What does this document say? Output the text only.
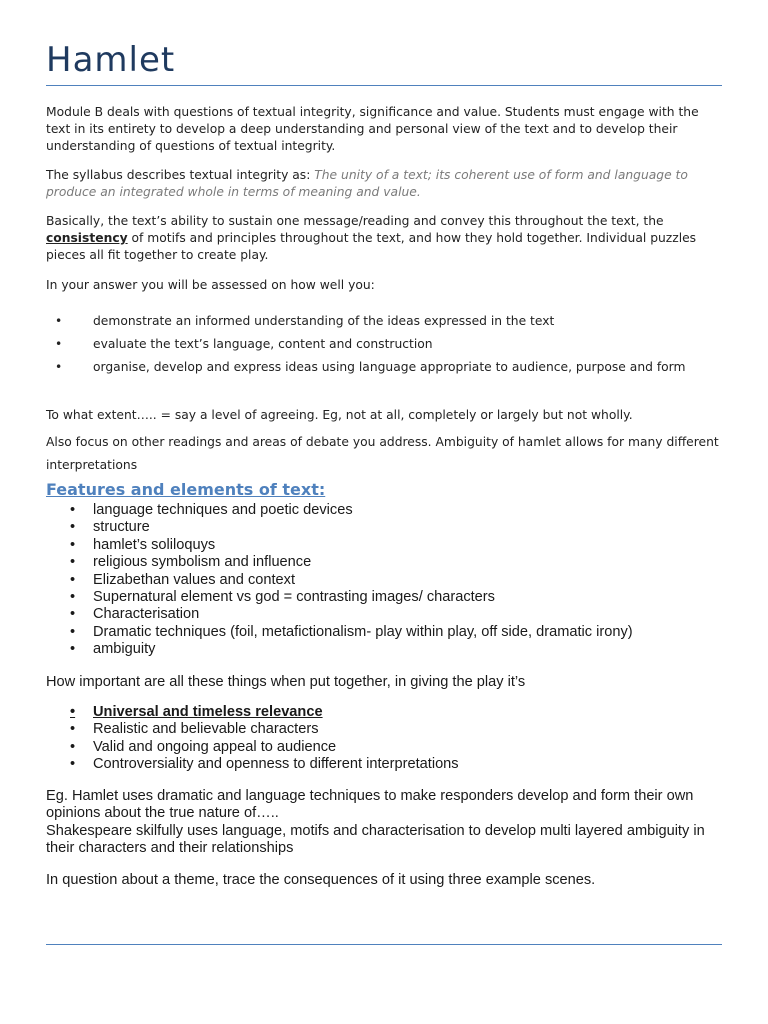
Hamlet

Module B deals with questions of textual integrity, significance and value. Students must engage with the text in its entirety to develop a deep understanding and personal view of the text and to develop their understanding of questions of textual integrity.

The syllabus describes textual integrity as: The unity of a text; its coherent use of form and language to produce an integrated whole in terms of meaning and value.

Basically, the text’s ability to sustain one message/reading and convey this throughout the text, the consistency of motifs and principles throughout the text, and how they hold together. Individual puzzles pieces all fit together to create play.

In your answer you will be assessed on how well you:

• demonstrate an informed understanding of the ideas expressed in the text
• evaluate the text’s language, content and construction
• organise, develop and express ideas using language appropriate to audience, purpose and form

To what extent….. = say a level of agreeing. Eg, not at all, completely or largely but not wholly.

Also focus on other readings and areas of debate you address. Ambiguity of hamlet allows for many different interpretations

Features and elements of text:
• language techniques and poetic devices
• structure
• hamlet’s soliloquys
• religious symbolism and influence
• Elizabethan values and context
• Supernatural element vs god = contrasting images/ characters
• Characterisation
• Dramatic techniques (foil, metafictionalism- play within play, off side, dramatic irony)
• ambiguity

How important are all these things when put together, in giving the play it’s

• Universal and timeless relevance
• Realistic and believable characters
• Valid and ongoing appeal to audience
• Controversiality and openness to different interpretations

Eg. Hamlet uses dramatic and language techniques to make responders develop and form their own opinions about the true nature of…..

Shakespeare skilfully uses language, motifs and characterisation to develop multi layered ambiguity in their characters and their relationships

In question about a theme, trace the consequences of it using three example scenes.
